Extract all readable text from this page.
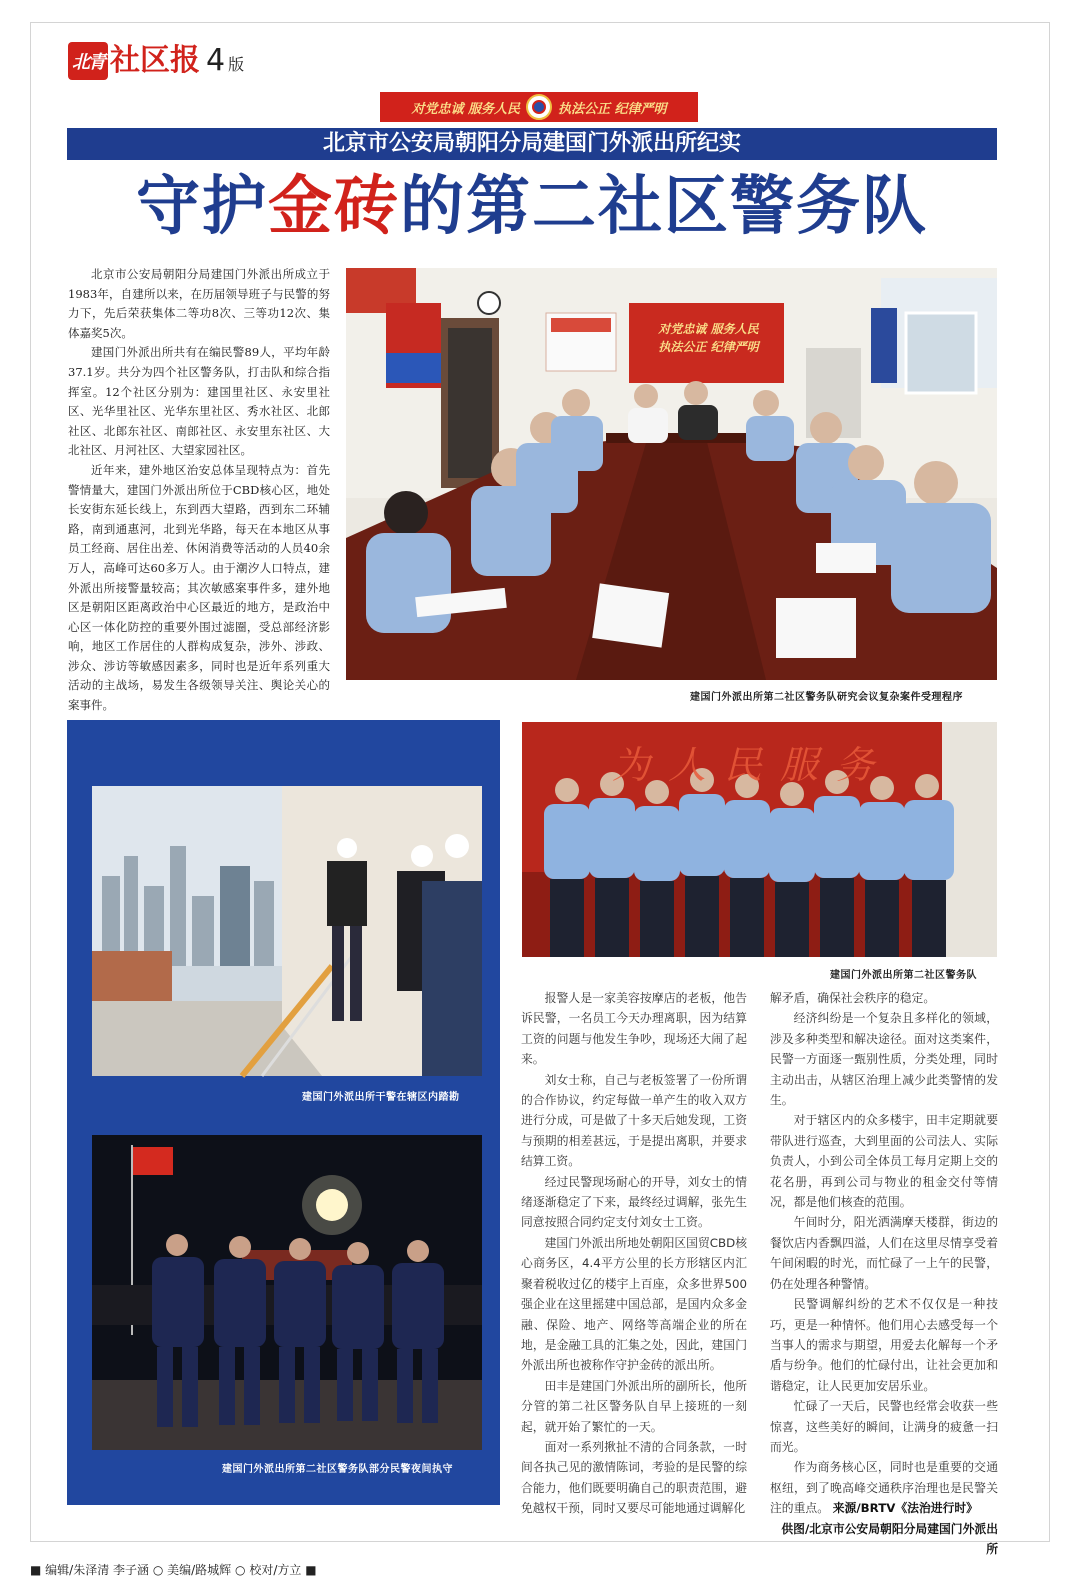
北青 社区报 4 版
对党忠诚 服务人民	执法公正 纪律严明
北京市公安局朝阳分局建国门外派出所纪实
守护金砖的第二社区警务队

北京市公安局朝阳分局建国门外派出所成立于1983年，自建所以来，在历届领导班子与民警的努力下，先后荣获集体二等功8次、三等功12次、集体嘉奖5次。

建国门外派出所共有在编民警89人，平均年龄37.1岁。共分为四个社区警务队，打击队和综合指挥室。12个社区分别为：建国里社区、永安里社区、光华里社区、光华东里社区、秀水社区、北郎社区、北郎东社区、南郎社区、永安里东社区、大北社区、月河社区、大望家园社区。

近年来，建外地区治安总体呈现特点为：首先警情量大，建国门外派出所位于CBD核心区，地处长安街东延长线上，东到西大望路，西到东二环辅路，南到通惠河，北到光华路，每天在本地区从事员工经商、居住出差、休闲消费等活动的人员40余万人，高峰可达60多万人。由于潮汐人口特点，建外派出所接警量较高；其次敏感案事件多，建外地区是朝阳区距离政治中心区最近的地方，是政治中心区一体化防控的重要外围过滤圈，受总部经济影响，地区工作居住的人群构成复杂，涉外、涉政、涉众、涉访等敏感因素多，同时也是近年系列重大活动的主战场，易发生各级领导关注、舆论关心的案事件。

对党忠诚 服务人民
执法公正 纪律严明
建国门外派出所第二社区警务队研究会议复杂案件受理程序
建国门外派出所干警在辖区内踏勘
建国门外派出所第二社区警务队部分民警夜间执守
为人民服务
建国门外派出所第二社区警务队

报警人是一家美容按摩店的老板，他告诉民警，一名员工今天办理离职，因为结算工资的问题与他发生争吵，现场还大闹了起来。

刘女士称，自己与老板签署了一份所谓的合作协议，约定每做一单产生的收入双方进行分成，可是做了十多天后她发现，工资与预期的相差甚远，于是提出离职，并要求结算工资。

经过民警现场耐心的开导，刘女士的情绪逐渐稳定了下来，最终经过调解，张先生同意按照合同约定支付刘女士工资。

建国门外派出所地处朝阳区国贸CBD核心商务区，4.4平方公里的长方形辖区内汇聚着税收过亿的楼宇上百座，众多世界500强企业在这里摇建中国总部，是国内众多金融、保险、地产、网络等高端企业的所在地，是金融工具的汇集之处，因此，建国门外派出所也被称作守护金砖的派出所。

田丰是建国门外派出所的副所长，他所分管的第二社区警务队自早上接班的一刻起，就开始了繁忙的一天。

面对一系列揪扯不清的合同条款，一时间各执己见的激情陈词，考验的是民警的综合能力，他们既要明确自己的职责范围，避免越权干预，同时又要尽可能地通过调解化

解矛盾，确保社会秩序的稳定。

经济纠纷是一个复杂且多样化的领域，涉及多种类型和解决途径。面对这类案件，民警一方面逐一甄别性质，分类处理，同时主动出击，从辖区治理上减少此类警情的发生。

对于辖区内的众多楼宇，田丰定期就要带队进行巡查，大到里面的公司法人、实际负责人，小到公司全体员工每月定期上交的花名册，再到公司与物业的租金交付等情况，都是他们核查的范围。

午间时分，阳光洒满摩天楼群，街边的餐饮店内香飘四溢，人们在这里尽情享受着午间闲暇的时光，而忙碌了一上午的民警，仍在处理各种警情。

民警调解纠纷的艺术不仅仅是一种技巧，更是一种情怀。他们用心去感受每一个当事人的需求与期望，用爱去化解每一个矛盾与纷争。他们的忙碌付出，让社会更加和谐稳定，让人民更加安居乐业。

忙碌了一天后，民警也经常会收获一些惊喜，这些美好的瞬间，让满身的疲惫一扫而光。

作为商务核心区，同时也是重要的交通枢纽，到了晚高峰交通秩序治理也是民警关注的重点。 来源/BRTV《法治进行时》

供图/北京市公安局朝阳分局建国门外派出所
■ 编辑/朱泽清 李子涵 ○ 美编/路城辉 ○ 校对/方立 ■
